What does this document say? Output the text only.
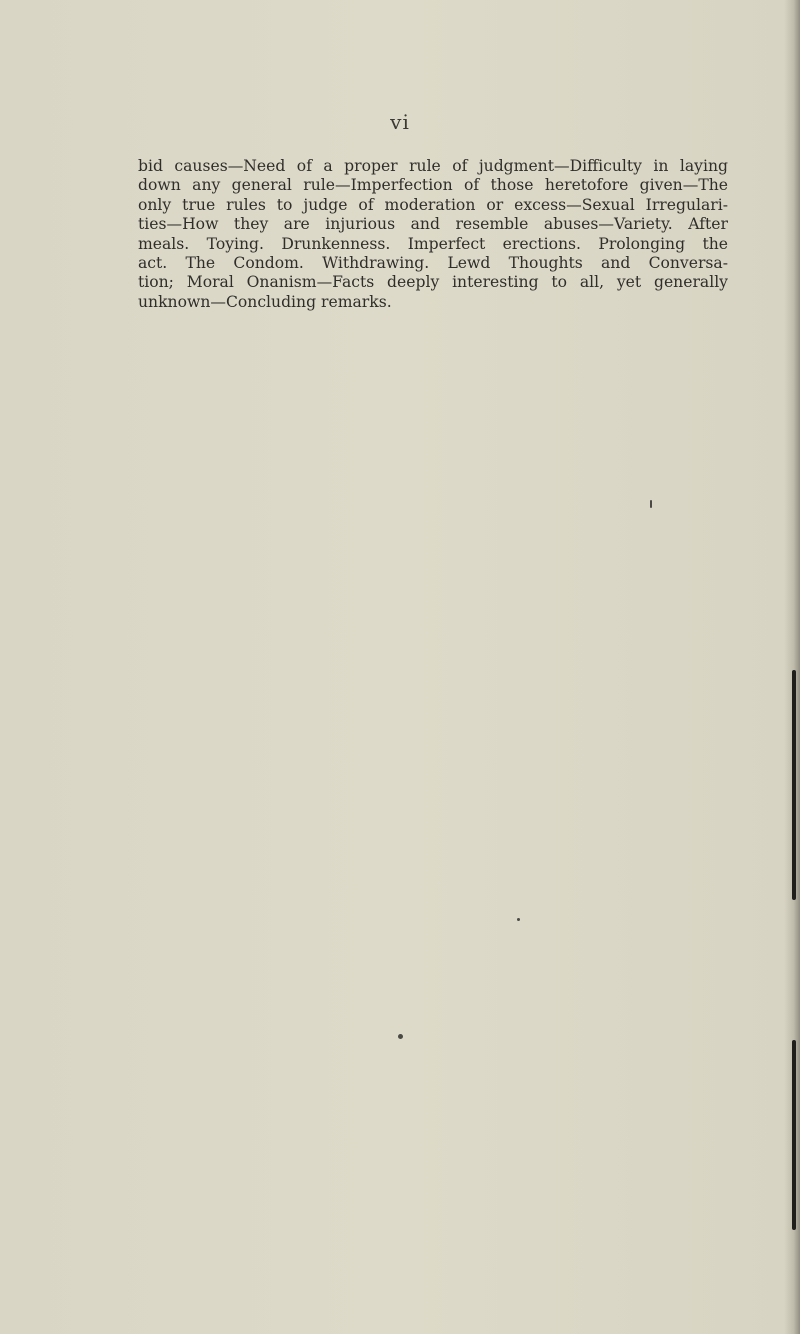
vi
bid causes—Need of a proper rule of judgment—Difficulty in laying
down any general rule—Imperfection of those heretofore given—The
only true rules to judge of moderation or excess—Sexual Irregulari-
ties—How they are injurious and resemble abuses—Variety. After
meals. Toying. Drunkenness. Imperfect erections. Prolonging the
act. The Condom. Withdrawing. Lewd Thoughts and Conversa-
tion; Moral Onanism—Facts deeply interesting to all, yet generally
unknown—Concluding remarks.
